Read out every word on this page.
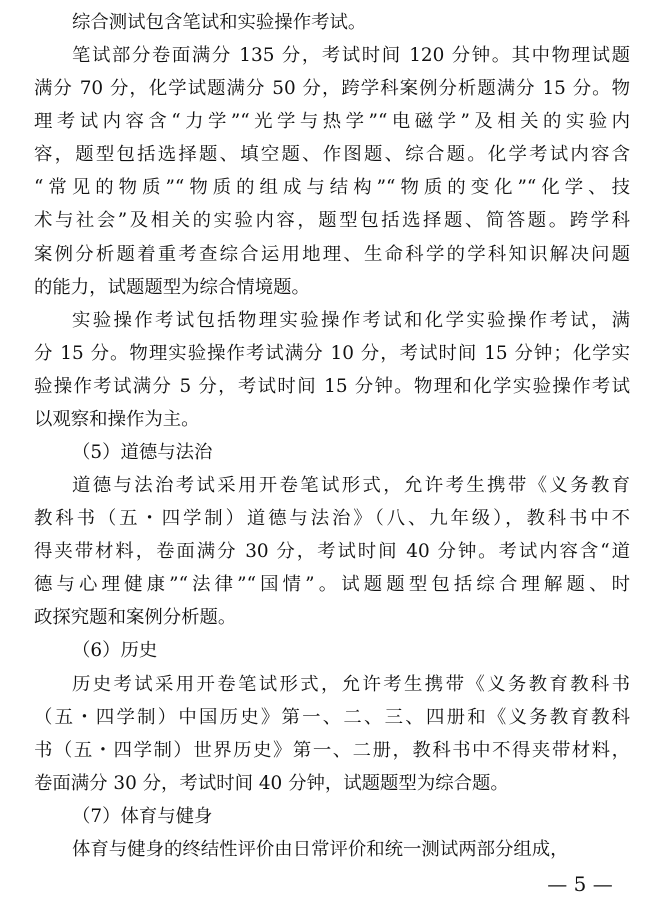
综合测试包含笔试和实验操作考试。
笔试部分卷面满分 135 分，考试时间 120 分钟。其中物理试题
满分 70 分，化学试题满分 50 分，跨学科案例分析题满分 15 分。物
理考试内容含“力学”“光学与热学”“电磁学”及相关的实验内
容，题型包括选择题、填空题、作图题、综合题。化学考试内容含
“常见的物质”“物质的组成与结构”“物质的变化”“化学、技
术与社会”及相关的实验内容，题型包括选择题、简答题。跨学科
案例分析题着重考查综合运用地理、生命科学的学科知识解决问题
的能力，试题题型为综合情境题。
实验操作考试包括物理实验操作考试和化学实验操作考试，满
分 15 分。物理实验操作考试满分 10 分，考试时间 15 分钟；化学实
验操作考试满分 5 分，考试时间 15 分钟。物理和化学实验操作考试
以观察和操作为主。
（5）道德与法治
道德与法治考试采用开卷笔试形式，允许考生携带《义务教育
教科书（五・四学制）道德与法治》（八、九年级），教科书中不
得夹带材料，卷面满分 30 分，考试时间 40 分钟。考试内容含“道
德与心理健康”“法律”“国情”。试题题型包括综合理解题、时
政探究题和案例分析题。
（6）历史
历史考试采用开卷笔试形式，允许考生携带《义务教育教科书
（五・四学制）中国历史》第一、二、三、四册和《义务教育教科
书（五・四学制）世界历史》第一、二册，教科书中不得夹带材料，
卷面满分 30 分，考试时间 40 分钟，试题题型为综合题。
（7）体育与健身
体育与健身的终结性评价由日常评价和统一测试两部分组成，
— 5 —
